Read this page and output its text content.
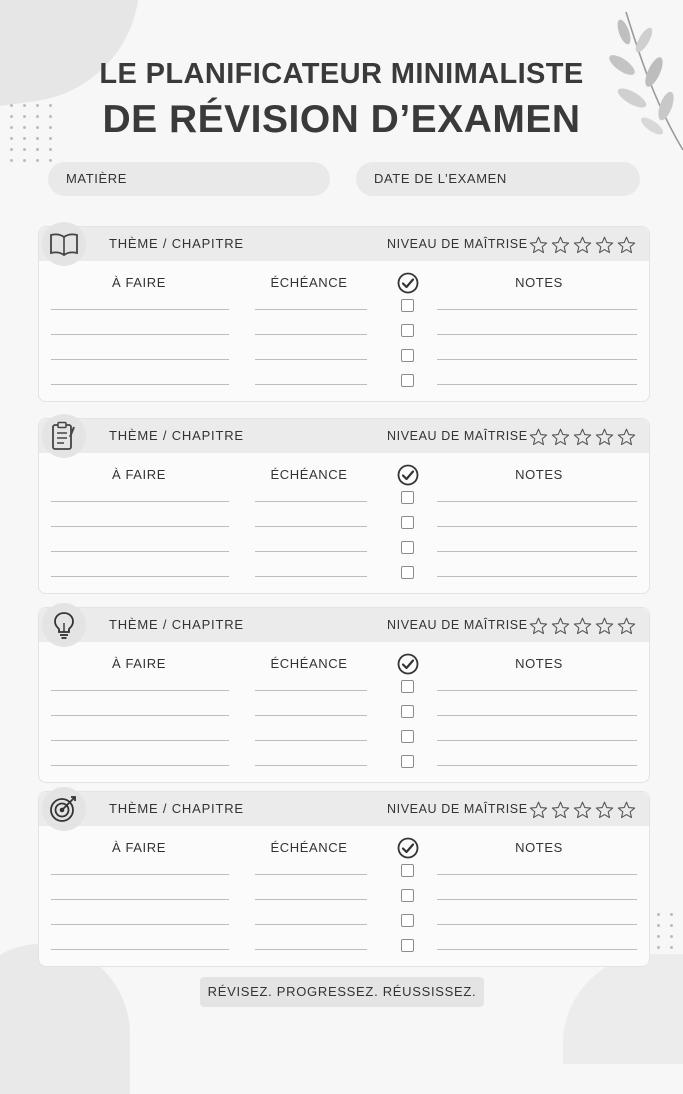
LE PLANIFICATEUR MINIMALISTE
DE RÉVISION D’EXAMEN
MATIÈRE	DATE DE L’EXAMEN
THÈME / CHAPITRE	NIVEAU DE MAÎTRISE
À FAIRE	ÉCHÉANCE	NOTES
THÈME / CHAPITRE	NIVEAU DE MAÎTRISE
À FAIRE	ÉCHÉANCE	NOTES
THÈME / CHAPITRE	NIVEAU DE MAÎTRISE
À FAIRE	ÉCHÉANCE	NOTES
THÈME / CHAPITRE	NIVEAU DE MAÎTRISE
À FAIRE	ÉCHÉANCE	NOTES
RÉVISEZ. PROGRESSEZ. RÉUSSISSEZ.
